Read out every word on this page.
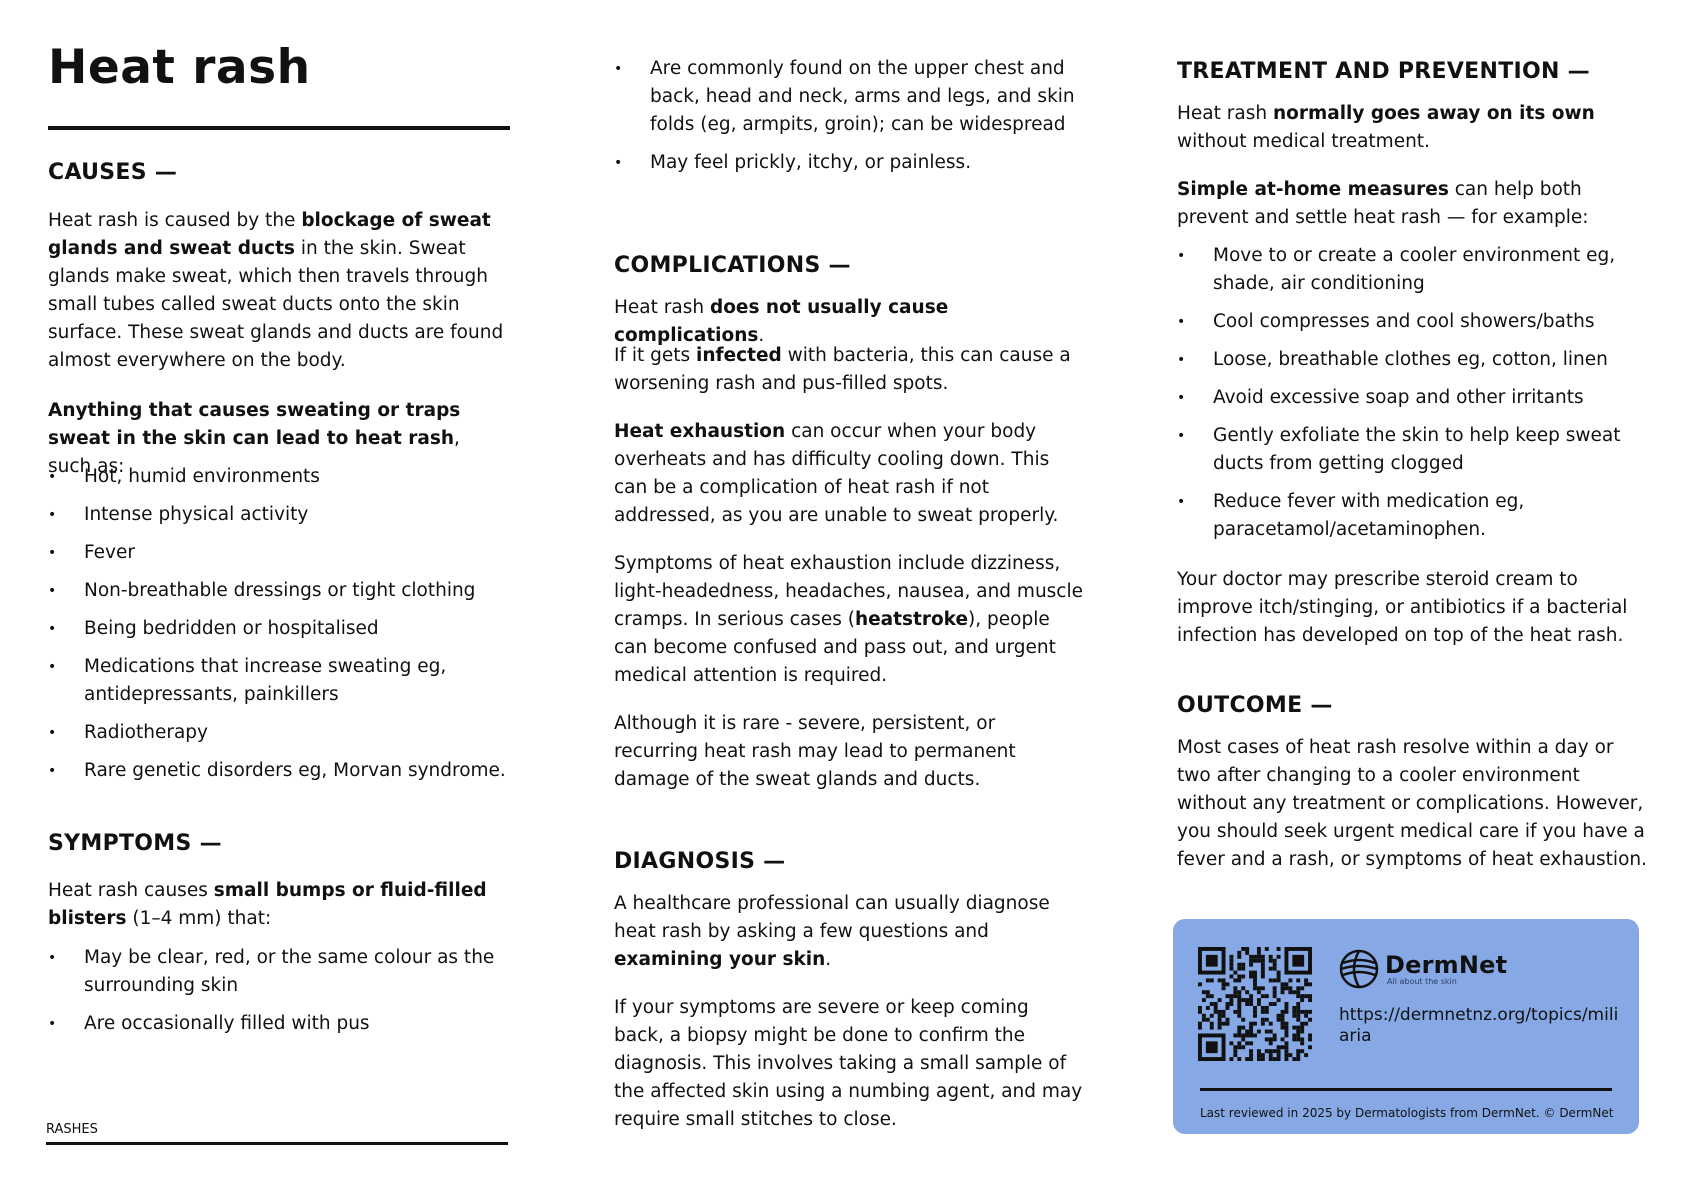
Heat rash
CAUSES —

Heat rash is caused by the blockage of sweat glands and sweat ducts in the skin. Sweat glands make sweat, which then travels through small tubes called sweat ducts onto the skin surface. These sweat glands and ducts are found almost everywhere on the body.

Anything that causes sweating or traps sweat in the skin can lead to heat rash, such as:

• Hot, humid environments
• Intense physical activity
• Fever
• Non-breathable dressings or tight clothing
• Being bedridden or hospitalised
• Medications that increase sweating eg, antidepressants, painkillers
• Radiotherapy
• Rare genetic disorders eg, Morvan syndrome.
SYMPTOMS —

Heat rash causes small bumps or fluid-filled blisters (1–4 mm) that:

• May be clear, red, or the same colour as the surrounding skin
• Are occasionally filled with pus
RASHES
• Are commonly found on the upper chest and back, head and neck, arms and legs, and skin folds (eg, armpits, groin); can be widespread
• May feel prickly, itchy, or painless.
COMPLICATIONS —

Heat rash does not usually cause complications.

If it gets infected with bacteria, this can cause a worsening rash and pus-filled spots.

Heat exhaustion can occur when your body overheats and has difficulty cooling down. This can be a complication of heat rash if not addressed, as you are unable to sweat properly.

Symptoms of heat exhaustion include dizziness, light-headedness, headaches, nausea, and muscle cramps. In serious cases (heatstroke), people can become confused and pass out, and urgent medical attention is required.

Although it is rare - severe, persistent, or recurring heat rash may lead to permanent damage of the sweat glands and ducts.

DIAGNOSIS —

A healthcare professional can usually diagnose heat rash by asking a few questions and examining your skin.

If your symptoms are severe or keep coming back, a biopsy might be done to confirm the diagnosis. This involves taking a small sample of the affected skin using a numbing agent, and may require small stitches to close.

TREATMENT AND PREVENTION —

Heat rash normally goes away on its own without medical treatment.

Simple at-home measures can help both prevent and settle heat rash — for example:

• Move to or create a cooler environment eg, shade, air conditioning
• Cool compresses and cool showers/baths
• Loose, breathable clothes eg, cotton, linen
• Avoid excessive soap and other irritants
• Gently exfoliate the skin to help keep sweat ducts from getting clogged
• Reduce fever with medication eg, paracetamol/acetaminophen.

Your doctor may prescribe steroid cream to improve itch/stinging, or antibiotics if a bacterial infection has developed on top of the heat rash.

OUTCOME —

Most cases of heat rash resolve within a day or two after changing to a cooler environment without any treatment or complications. However, you should seek urgent medical care if you have a fever and a rash, or symptoms of heat exhaustion.

DermNet
All about the skin
https://dermnetnz.org/topics/miliaria
Last reviewed in 2025 by Dermatologists from DermNet. © DermNet
